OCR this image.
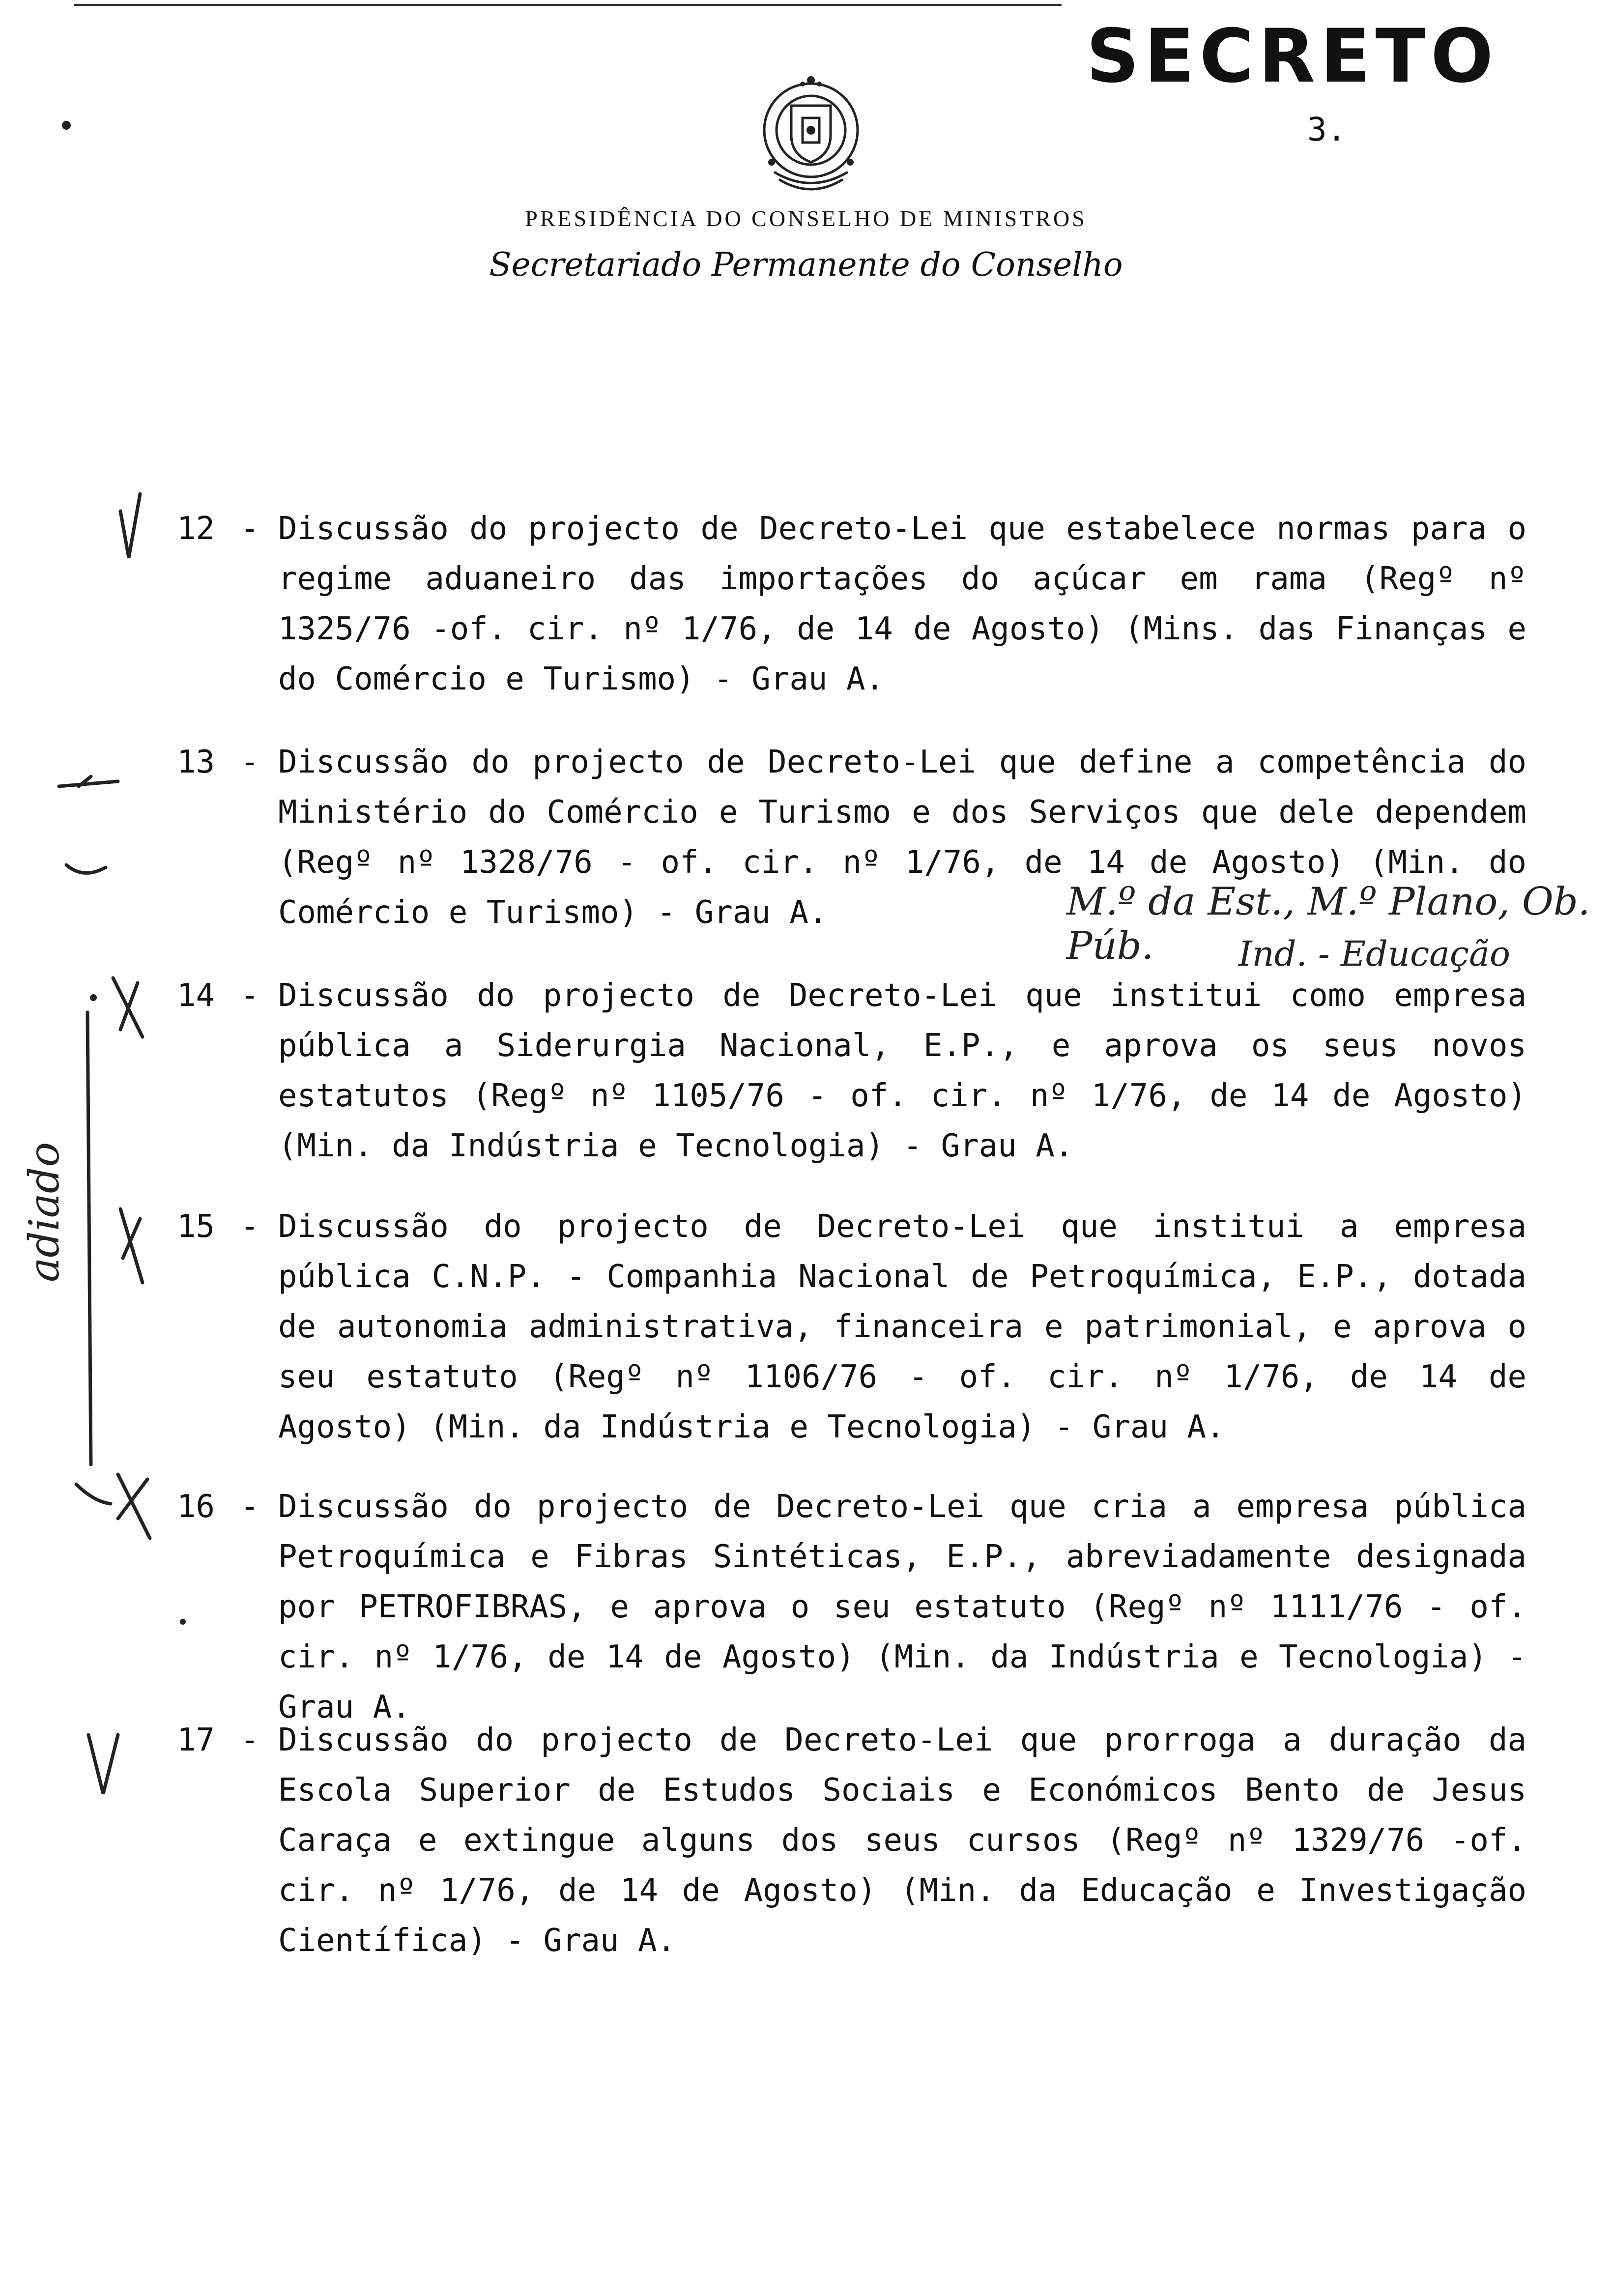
SECRETO
3.
PRESIDÊNCIA DO CONSELHO DE MINISTROS
Secretariado Permanente do Conselho
12 - Discussão do projecto de Decreto-Lei que estabelece normas para o regime aduaneiro das importações do açúcar em rama (Regº nº 1325/76 -of. cir. nº 1/76, de 14 de Agosto) (Mins. das Finanças e do Comércio e Turismo) - Grau A.
13 - Discussão do projecto de Decreto-Lei que define a competência do Ministério do Comércio e Turismo e dos Serviços que dele dependem (Regº nº 1328/76 - of. cir. nº 1/76, de 14 de Agosto) (Min. do Comércio e Turismo) - Grau A.
14 - Discussão do projecto de Decreto-Lei que institui como empresa pública a Siderurgia Nacional, E.P., e aprova os seus novos estatutos (Regº nº 1105/76 - of. cir. nº 1/76, de 14 de Agosto) (Min. da Indústria e Tecnologia) - Grau A.
15 - Discussão do projecto de Decreto-Lei que institui a empresa pública C.N.P. - Companhia Nacional de Petroquímica, E.P., dotada de autonomia administrativa, financeira e patrimonial, e aprova o seu estatuto (Regº nº 1106/76 - of. cir. nº 1/76, de 14 de Agosto) (Min. da Indústria e Tecnologia) - Grau A.
16 - Discussão do projecto de Decreto-Lei que cria a empresa pública Petroquímica e Fibras Sintéticas, E.P., abreviadamente designada por PETROFIBRAS, e aprova o seu estatuto (Regº nº 1111/76 - of. cir. nº 1/76, de 14 de Agosto) (Min. da Indústria e Tecnologia) - Grau A.
17 - Discussão do projecto de Decreto-Lei que prorroga a duração da Escola Superior de Estudos Sociais e Económicos Bento de Jesus Caraça e extingue alguns dos seus cursos (Regº nº 1329/76 -of. cir. nº 1/76, de 14 de Agosto) (Min. da Educação e Investigação Científica) - Grau A.
M.º da Est., M.º Plano, Ob. Púb.	Ind. - Educação
adiado
